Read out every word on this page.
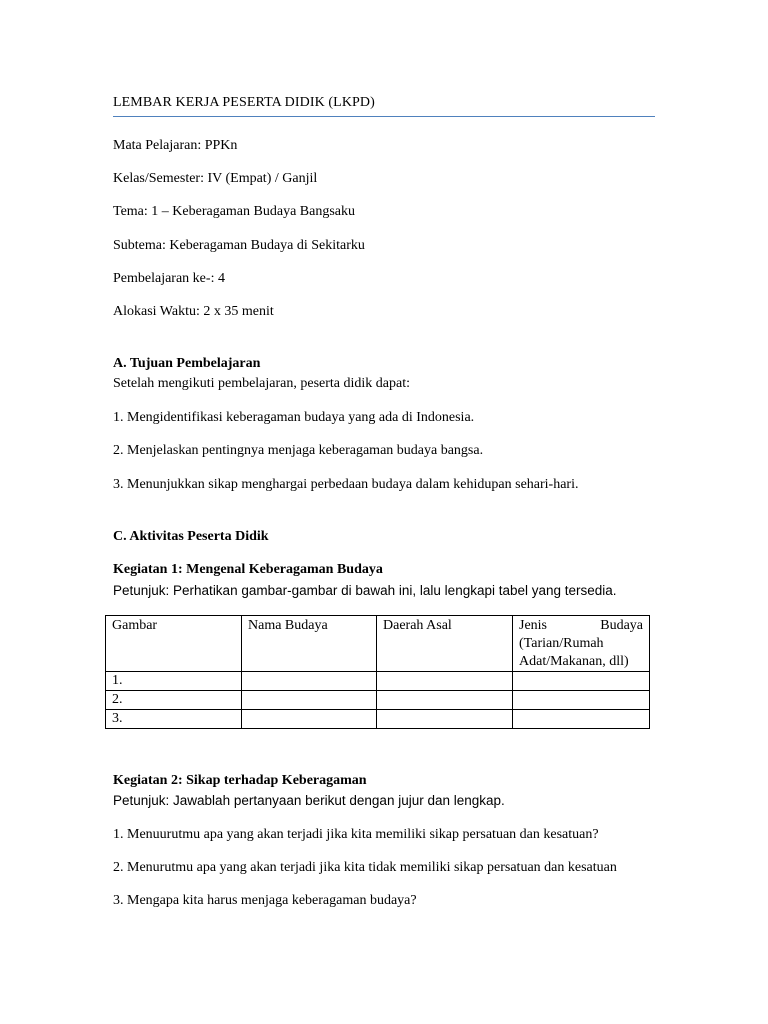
LEMBAR KERJA PESERTA DIDIK (LKPD)
Mata Pelajaran: PPKn
Kelas/Semester: IV (Empat) / Ganjil
Tema: 1 – Keberagaman Budaya Bangsaku
Subtema: Keberagaman Budaya di Sekitarku
Pembelajaran ke-: 4
Alokasi Waktu: 2 x 35 menit
A. Tujuan Pembelajaran
Setelah mengikuti pembelajaran, peserta didik dapat:
1. Mengidentifikasi keberagaman budaya yang ada di Indonesia.
2. Menjelaskan pentingnya menjaga keberagaman budaya bangsa.
3. Menunjukkan sikap menghargai perbedaan budaya dalam kehidupan sehari-hari.
C. Aktivitas Peserta Didik
Kegiatan 1: Mengenal Keberagaman Budaya
Petunjuk: Perhatikan gambar-gambar di bawah ini, lalu lengkapi tabel yang tersedia.
Gambar	Nama Budaya	Daerah Asal	Jenis Budaya
(Tarian/Rumah
Adat/Makanan, dll)

1.			
2.			
3.			
Kegiatan 2: Sikap terhadap Keberagaman
Petunjuk: Jawablah pertanyaan berikut dengan jujur dan lengkap.
1. Menuurutmu apa yang akan terjadi jika kita memiliki sikap persatuan dan kesatuan?
2. Menurutmu apa yang akan terjadi jika kita tidak memiliki sikap persatuan dan kesatuan
3. Mengapa kita harus menjaga keberagaman budaya?
